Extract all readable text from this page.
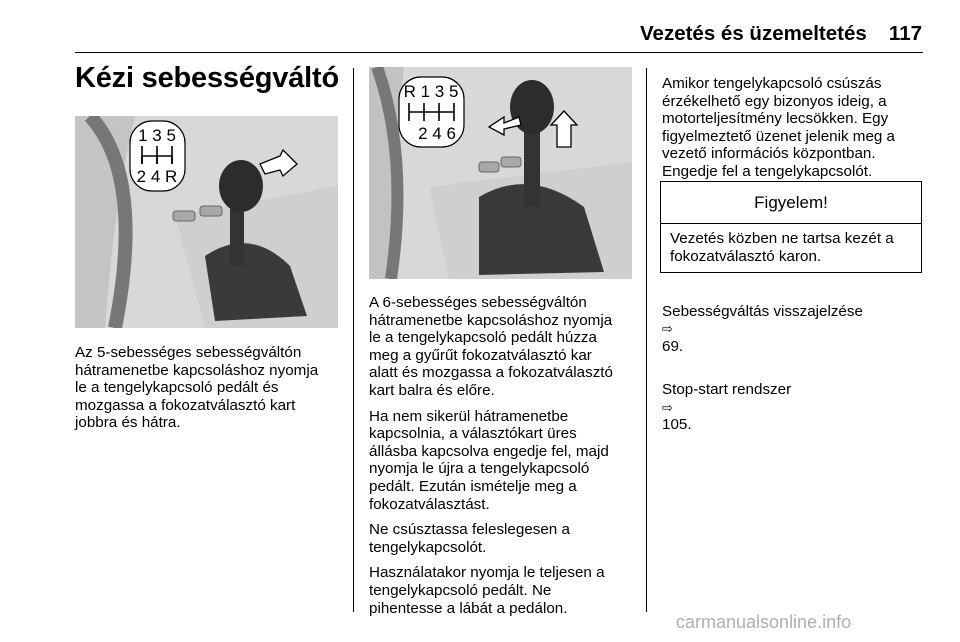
Vezetés és üzemeltetés 117
Kézi sebességváltó
1 3 5
2 4 R
R 1 3 5
2 4 6

Az 5-sebességes sebességváltón
hátramenetbe kapcsoláshoz nyomja
le a tengelykapcsoló pedált és
mozgassa a fokozatválasztó kart
jobbra és hátra.

A 6-sebességes sebességváltón
hátramenetbe kapcsoláshoz nyomja
le a tengelykapcsoló pedált húzza
meg a gyűrűt fokozatválasztó kar
alatt és mozgassa a fokozatválasztó
kart balra és előre.

Ha nem sikerül hátramenetbe
kapcsolnia, a választókart üres
állásba kapcsolva engedje fel, majd
nyomja le újra a tengelykapcsoló
pedált. Ezután ismételje meg a
fokozatválasztást.

Ne csúsztassa feleslegesen a
tengelykapcsolót.

Használatakor nyomja le teljesen a
tengelykapcsoló pedált. Ne
pihentesse a lábát a pedálon.

Amikor tengelykapcsoló csúszás
érzékelhető egy bizonyos ideig, a
motorteljesítmény lecsökken. Egy
figyelmeztető üzenet jelenik meg a
vezető információs központban.
Engedje fel a tengelykapcsolót.

Figyelem!
Vezetés közben ne tartsa kezét a
fokozatválasztó karon.

Sebességváltás visszajelzése
⇨
69.

Stop-start rendszer
⇨
105.

carmanualsonline.info
